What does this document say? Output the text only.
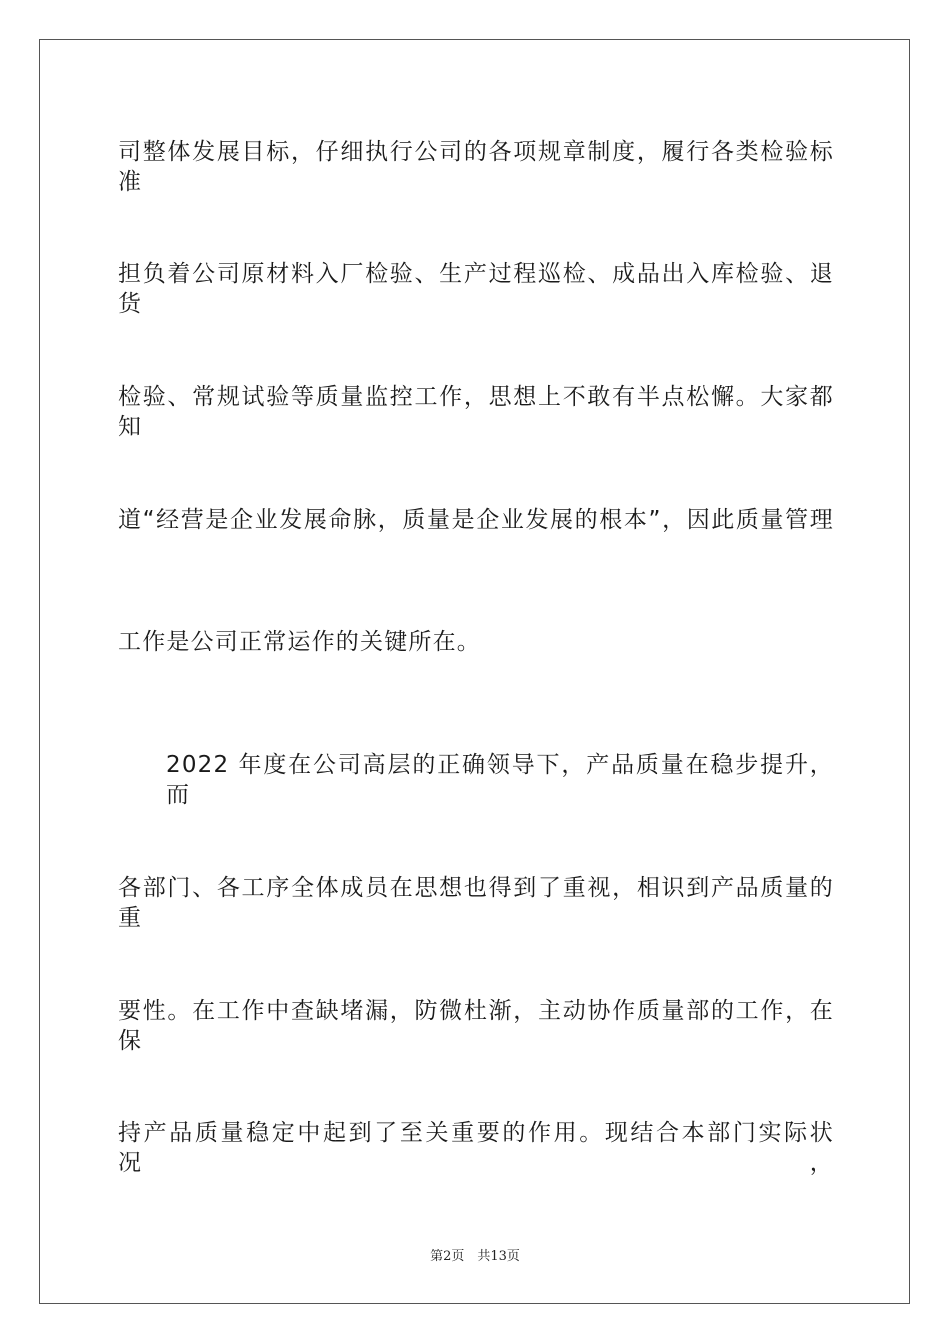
司整体发展目标，仔细执行公司的各项规章制度，履行各类检验标准
担负着公司原材料入厂检验、生产过程巡检、成品出入库检验、退货
检验、常规试验等质量监控工作，思想上不敢有半点松懈。大家都知
道“经营是企业发展命脉，质量是企业发展的根本”，因此质量管理
工作是公司正常运作的关键所在。
2022 年度在公司高层的正确领导下，产品质量在稳步提升，而
各部门、各工序全体成员在思想也得到了重视，相识到产品质量的重
要性。在工作中查缺堵漏，防微杜渐，主动协作质量部的工作，在保
持产品质量稳定中起到了至关重要的作用。现结合本部门实际状况，
第2页　共13页
